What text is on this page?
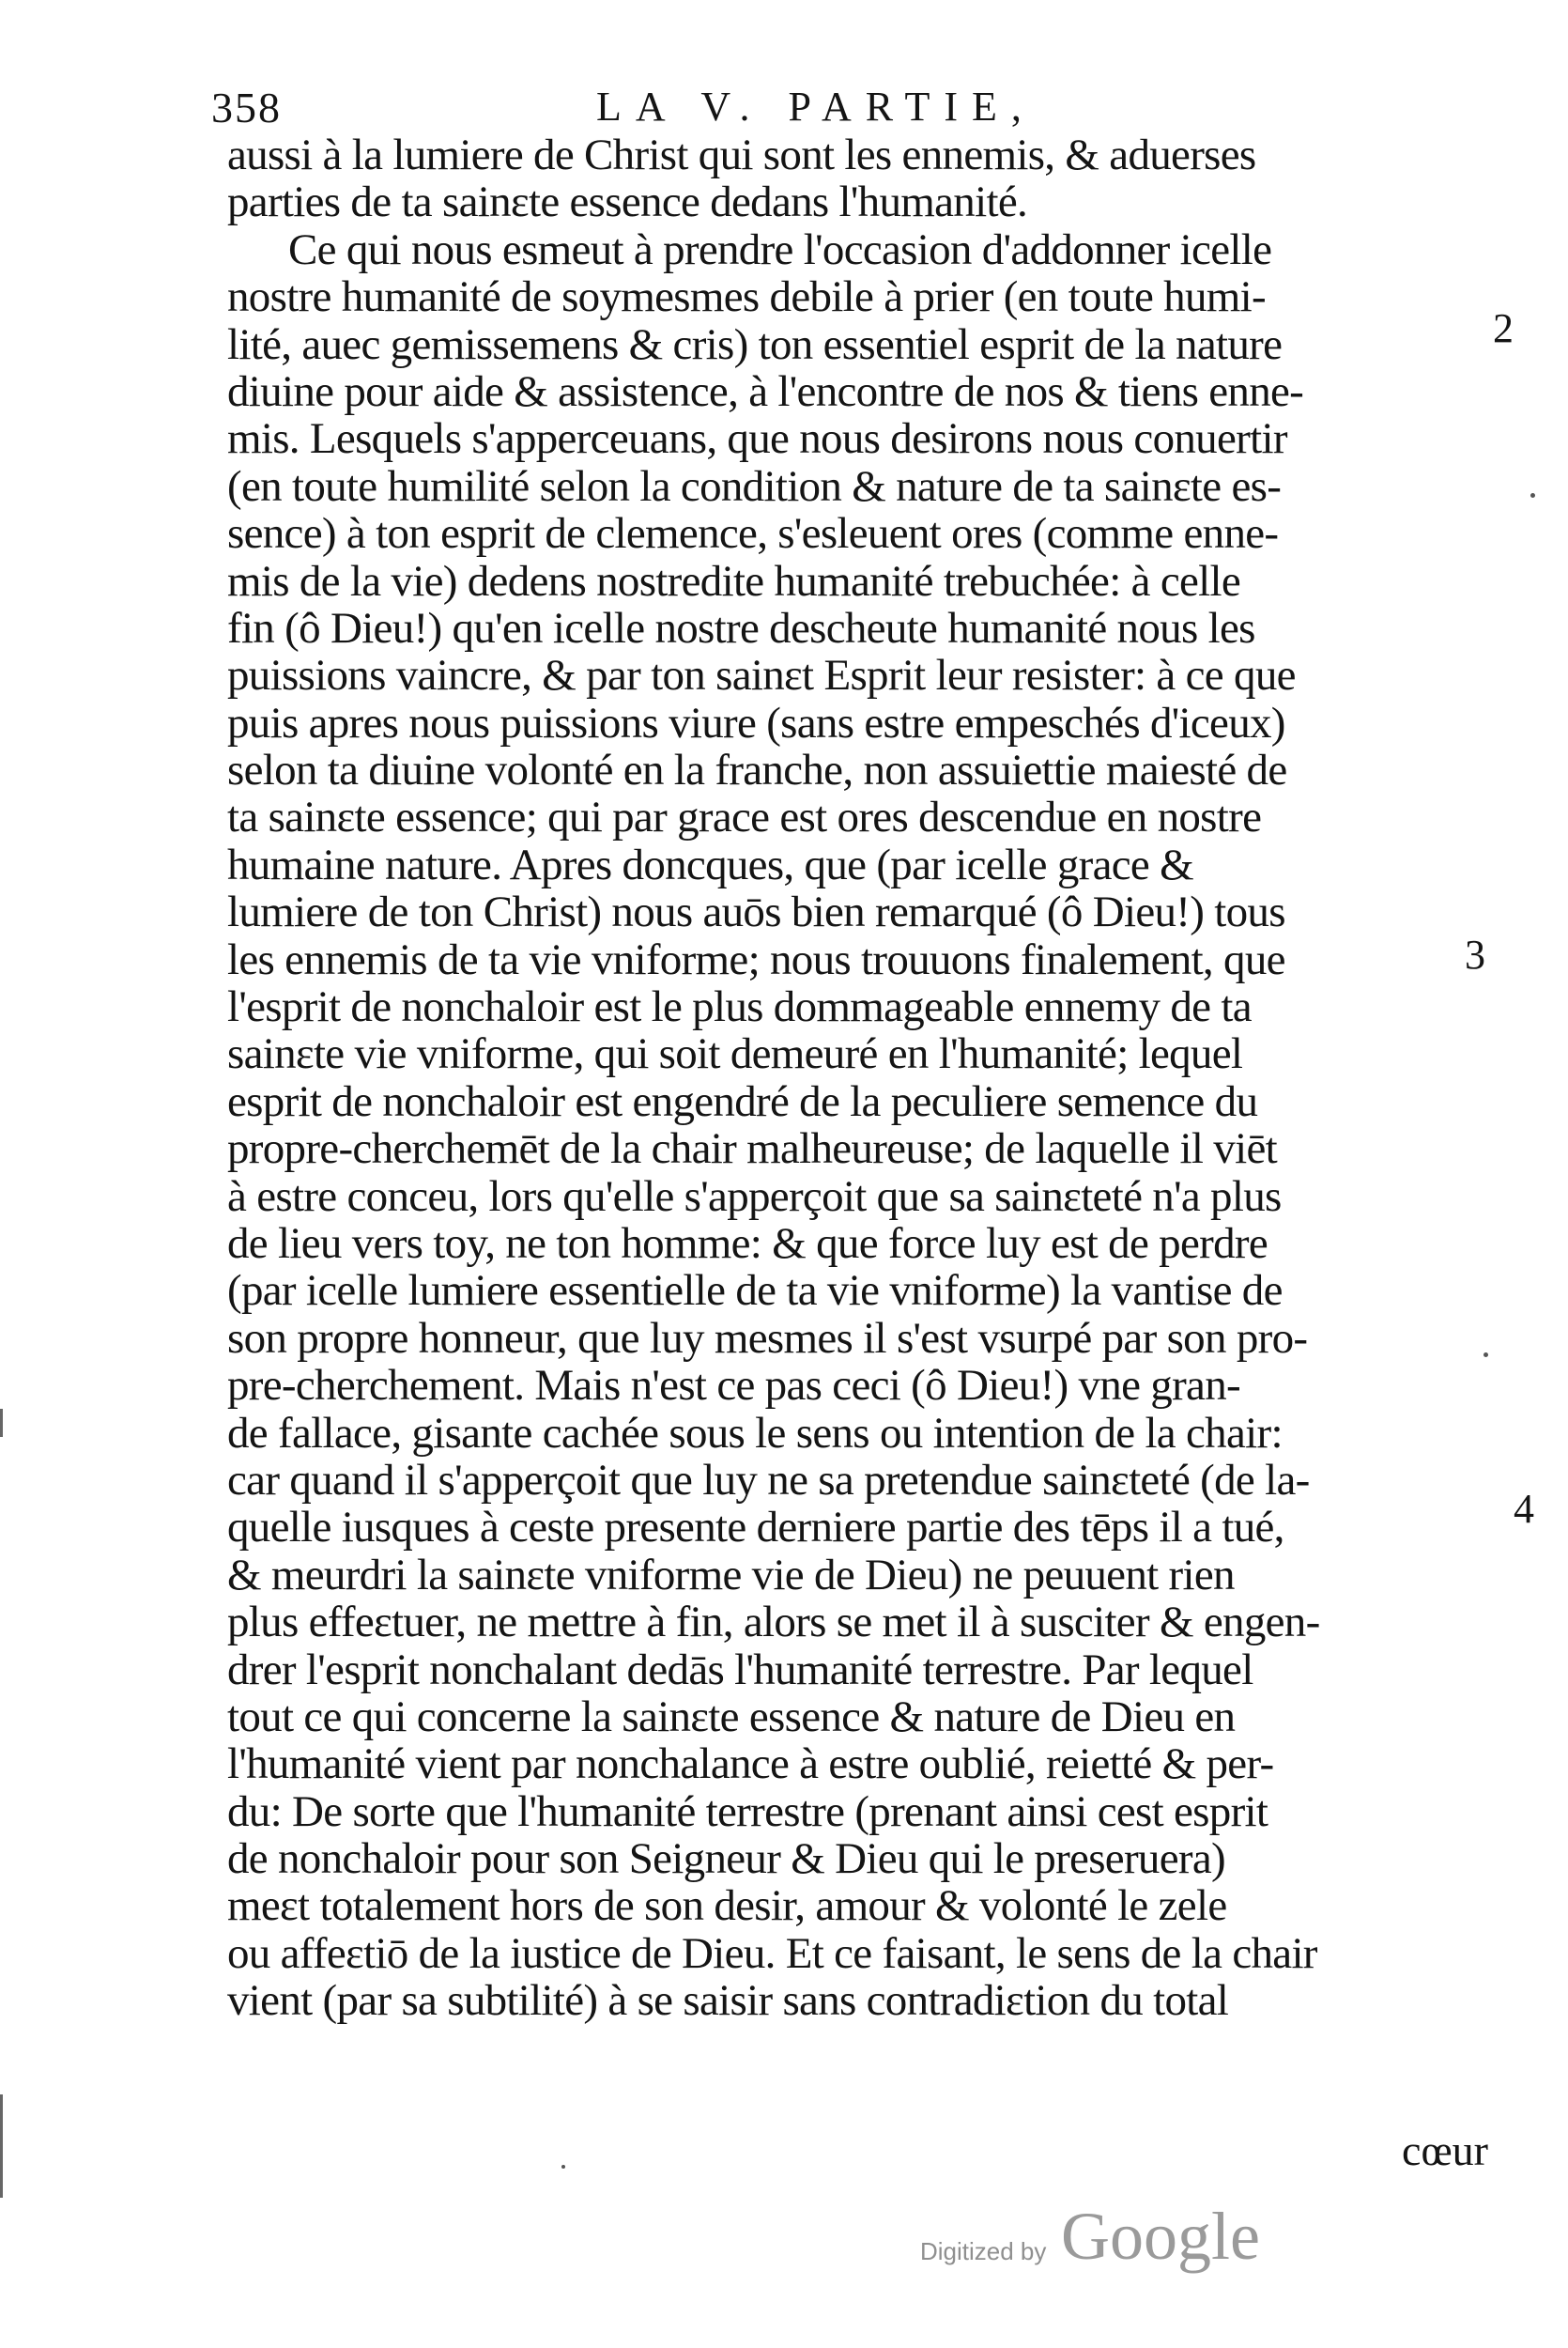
358	LA V. PARTIE,
aussi à la lumiere de Christ qui sont les ennemis, & aduerses
parties de ta sainɛte essence dedans l'humanité.
Ce qui nous esmeut à prendre l'occasion d'addonner icelle
nostre humanité de soymesmes debile à prier (en toute humi-
lité, auec gemissemens & cris) ton essentiel esprit de la nature
diuine pour aide & assistence, à l'encontre de nos & tiens enne-
mis. Lesquels s'apperceuans, que nous desirons nous conuertir
(en toute humilité selon la condition & nature de ta sainɛte es-
sence) à ton esprit de clemence, s'esleuent ores (comme enne-
mis de la vie) dedens nostredite humanité trebuchée: à celle
fin (ô Dieu!) qu'en icelle nostre descheute humanité nous les
puissions vaincre, & par ton sainɛt Esprit leur resister: à ce que
puis apres nous puissions viure (sans estre empeschés d'iceux)
selon ta diuine volonté en la franche, non assuiettie maiesté de
ta sainɛte essence; qui par grace est ores descendue en nostre
humaine nature. Apres doncques, que (par icelle grace &
lumiere de ton Christ) nous auōs bien remarqué (ô Dieu!) tous
les ennemis de ta vie vniforme; nous trouuons finalement, que
l'esprit de nonchaloir est le plus dommageable ennemy de ta
sainɛte vie vniforme, qui soit demeuré en l'humanité; lequel
esprit de nonchaloir est engendré de la peculiere semence du
propre-cherchemēt de la chair malheureuse; de laquelle il viēt
à estre conceu, lors qu'elle s'apperçoit que sa sainɛteté n'a plus
de lieu vers toy, ne ton homme: & que force luy est de perdre
(par icelle lumiere essentielle de ta vie vniforme) la vantise de
son propre honneur, que luy mesmes il s'est vsurpé par son pro-
pre-cherchement. Mais n'est ce pas ceci (ô Dieu!) vne gran-
de fallace, gisante cachée sous le sens ou intention de la chair:
car quand il s'apperçoit que luy ne sa pretendue sainɛteté (de la-
quelle iusques à ceste presente derniere partie des tēps il a tué,
& meurdri la sainɛte vniforme vie de Dieu) ne peuuent rien
plus effeɛtuer, ne mettre à fin, alors se met il à susciter & engen-
drer l'esprit nonchalant dedās l'humanité terrestre. Par lequel
tout ce qui concerne la sainɛte essence & nature de Dieu en
l'humanité vient par nonchalance à estre oublié, reietté & per-
du: De sorte que l'humanité terrestre (prenant ainsi cest esprit
de nonchaloir pour son Seigneur & Dieu qui le preseruera)
meɛt totalement hors de son desir, amour & volonté le zele
ou affeɛtiō de la iustice de Dieu. Et ce faisant, le sens de la chair
vient (par sa subtilité) à se saisir sans contradiɛtion du total
2
3
4
cœur
Digitized by Google
